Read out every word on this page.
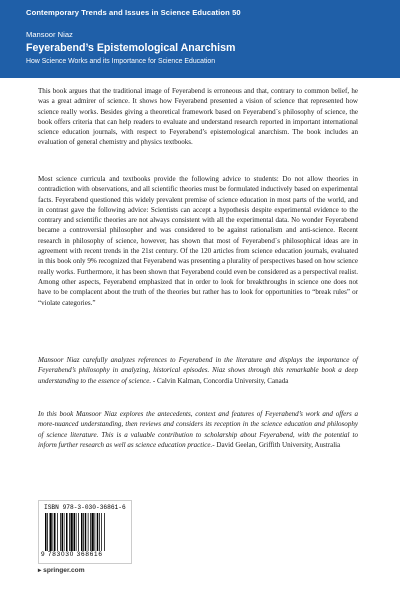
Contemporary Trends and Issues in Science Education 50
Mansoor Niaz
Feyerabend’s Epistemological Anarchism
How Science Works and its Importance for Science Education

This book argues that the traditional image of Feyerabend is erroneous and that, contrary to common belief, he was a great admirer of science. It shows how Feyerabend presented a vision of science that represented how science really works. Besides giving a theoretical framework based on Feyerabend´s philosophy of science, the book offers criteria that can help readers to evaluate and understand research reported in important international science education journals, with respect to Feyerabend’s epistemological anarchism. The book includes an evaluation of general chemistry and physics textbooks.

Most science curricula and textbooks provide the following advice to students: Do not allow theories in contradiction with observations, and all scientific theories must be formulated inductively based on experimental facts. Feyerabend questioned this widely prevalent premise of science education in most parts of the world, and in contrast gave the following advice: Scientists can accept a hypothesis despite experimental evidence to the contrary and scientific theories are not always consistent with all the experimental data. No wonder Feyerabend became a controversial philosopher and was considered to be against rationalism and anti-science. Recent research in philosophy of science, however, has shown that most of Feyerabend´s philosophical ideas are in agreement with recent trends in the 21st century. Of the 120 articles from science education journals, evaluated in this book only 9% recognized that Feyerabend was presenting a plurality of perspectives based on how science really works. Furthermore, it has been shown that Feyerabend could even be considered as a perspectival realist. Among other aspects, Feyerabend emphasized that in order to look for breakthroughs in science one does not have to be complacent about the truth of the theories but rather has to look for opportunities to “break rules” or “violate categories.”

Mansoor Niaz carefully analyzes references to Feyerabend in the literature and displays the importance of Feyerabend’s philosophy in analyzing, historical episodes. Niaz shows through this remarkable book a deep understanding to the essence of science. - Calvin Kalman, Concordia University, Canada

In this book Mansoor Niaz explores the antecedents, context and features of Feyerabend’s work and offers a more-nuanced understanding, then reviews and considers its reception in the science education and philosophy of science literature. This is a valuable contribution to scholarship about Feyerabend, with the potential to inform further research as well as science education practice.- David Geelan, Griffith University, Australia

ISBN 978-3-030-36861-6
9 783030 368616
▸ springer.com
